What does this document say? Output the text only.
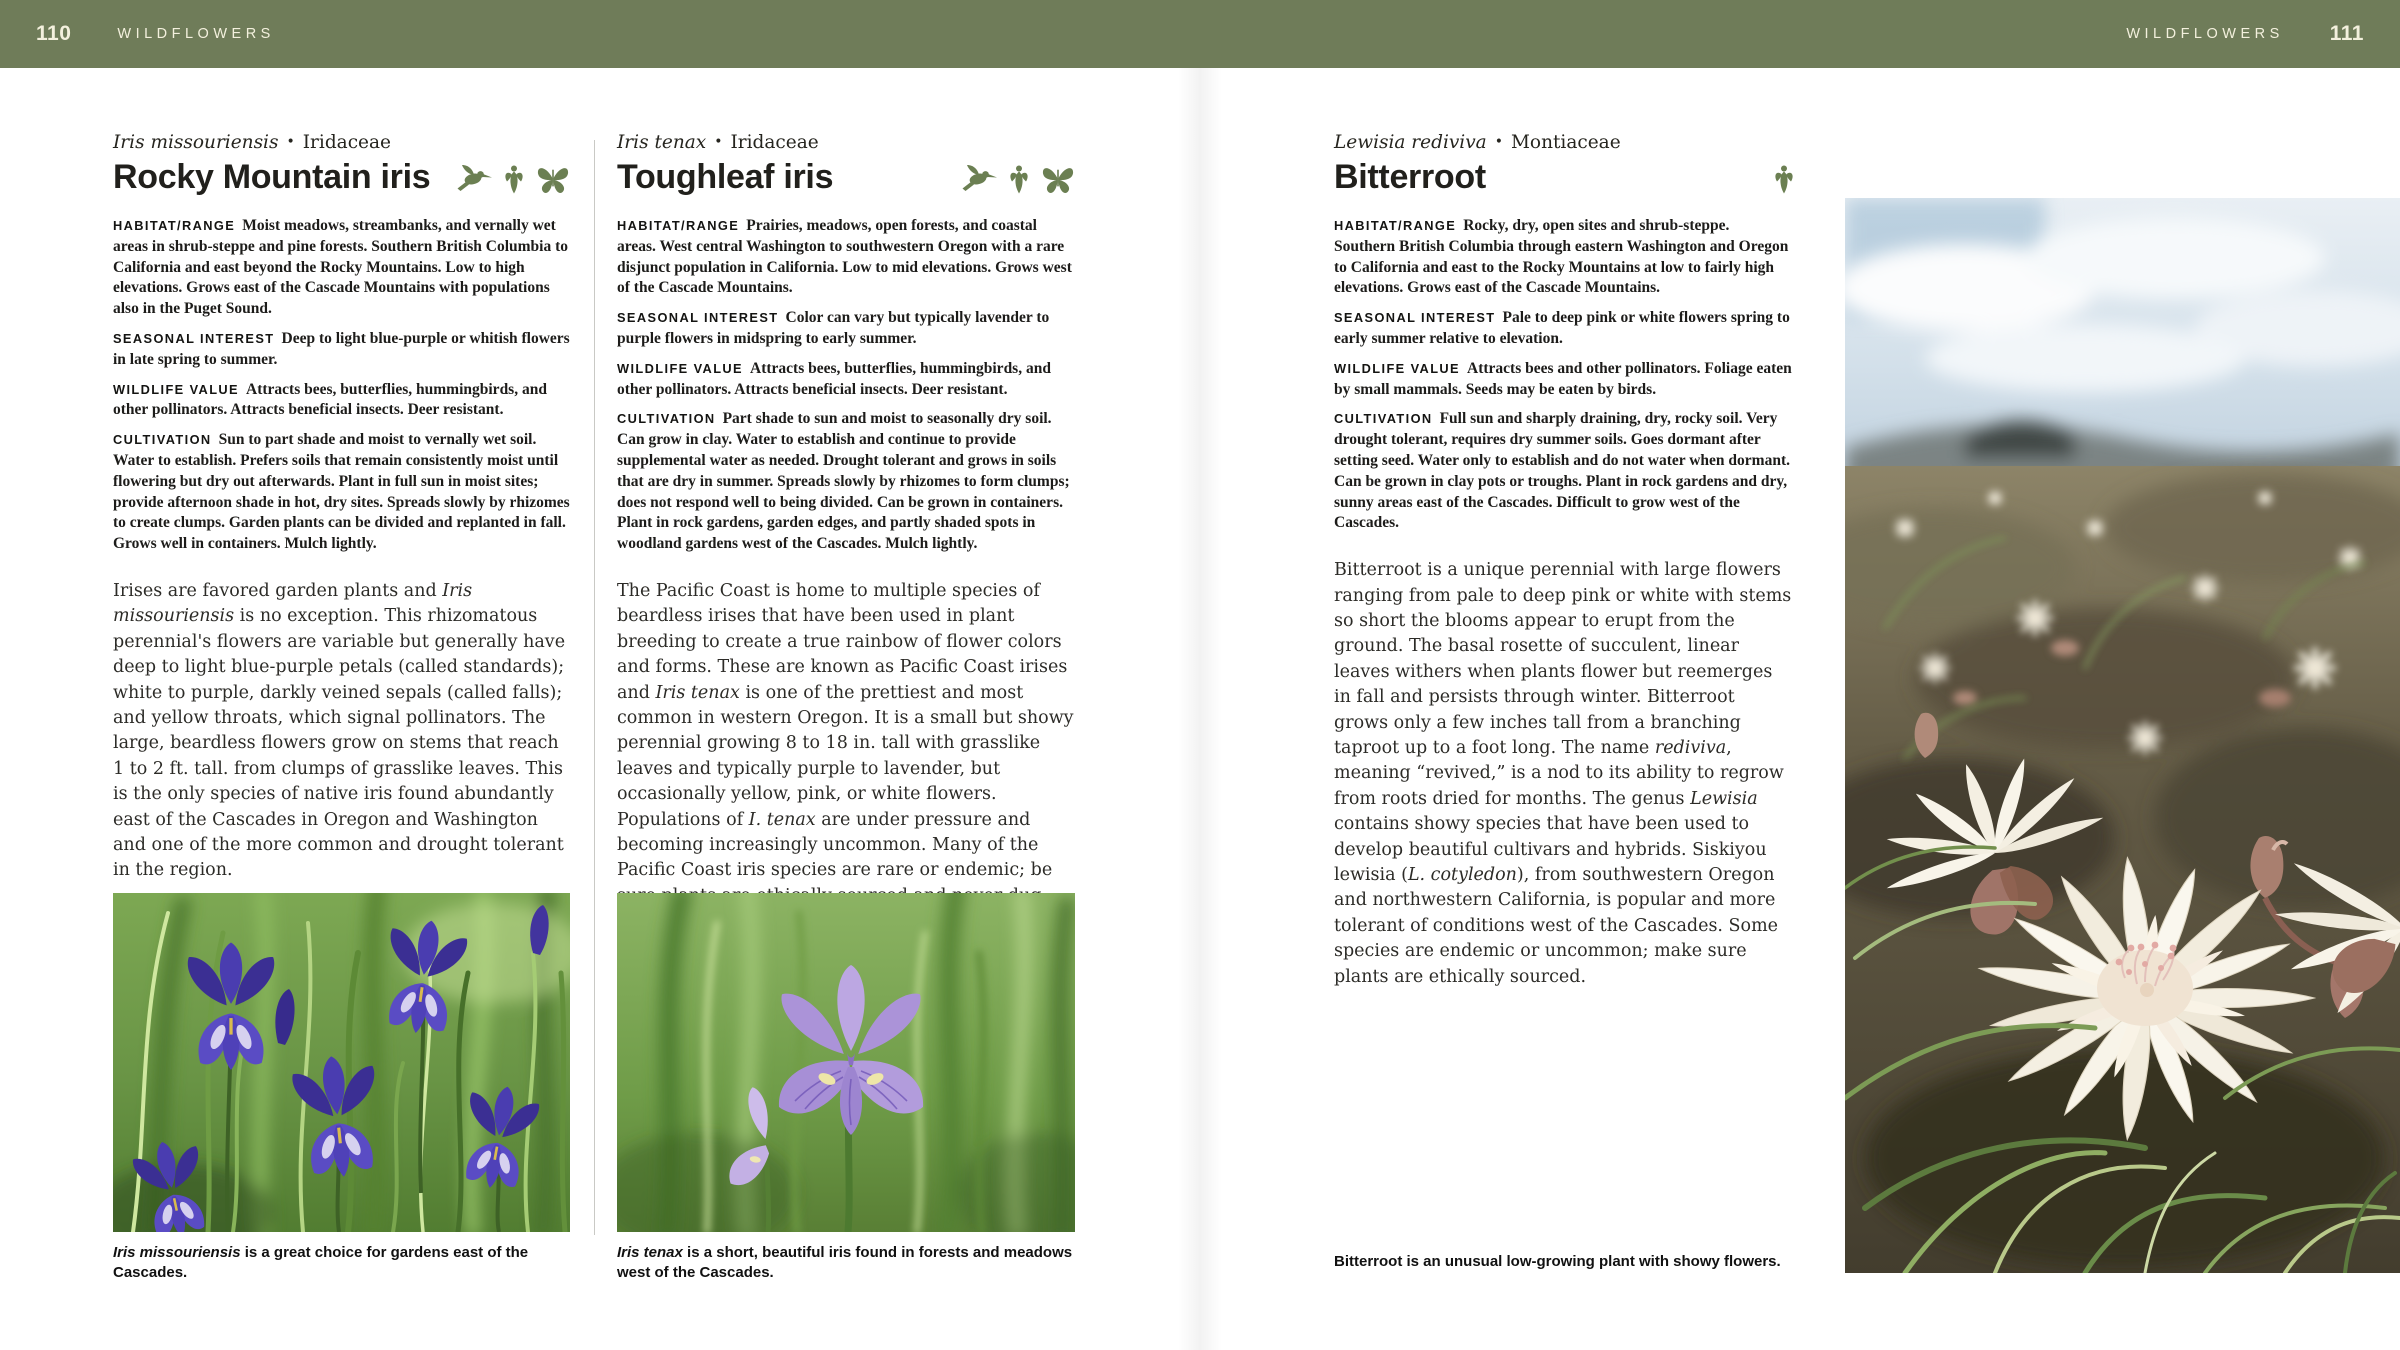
110	WILDFLOWERS	WILDFLOWERS 111

Iris missouriensis • Iridaceae

Rocky Mountain iris

HABITAT/RANGE Moist meadows, streambanks, and vernally wet areas in shrub-steppe and pine forests. Southern British Columbia to California and east beyond the Rocky Mountains. Low to high elevations. Grows east of the Cascade Mountains with populations also in the Puget Sound.

SEASONAL INTEREST Deep to light blue-purple or whitish flowers in late spring to summer.

WILDLIFE VALUE Attracts bees, butterflies, hummingbirds, and other pollinators. Attracts beneficial insects. Deer resistant.

CULTIVATION Sun to part shade and moist to vernally wet soil. Water to establish. Prefers soils that remain consistently moist until flowering but dry out afterwards. Plant in full sun in moist sites; provide afternoon shade in hot, dry sites. Spreads slowly by rhizomes to create clumps. Garden plants can be divided and replanted in fall. Grows well in containers. Mulch lightly.

Irises are favored garden plants and Iris missouriensis is no exception. This rhizomatous perennial's flowers are variable but generally have deep to light blue-purple petals (called standards); white to purple, darkly veined sepals (called falls); and yellow throats, which signal pollinators. The large, beardless flowers grow on stems that reach 1 to 2 ft. tall. from clumps of grasslike leaves. This is the only species of native iris found abundantly east of the Cascades in Oregon and Washington and one of the more common and drought tolerant in the region.

Iris tenax • Iridaceae

Toughleaf iris

HABITAT/RANGE Prairies, meadows, open forests, and coastal areas. West central Washington to southwestern Oregon with a rare disjunct population in California. Low to mid elevations. Grows west of the Cascade Mountains.

SEASONAL INTEREST Color can vary but typically lavender to purple flowers in midspring to early summer.

WILDLIFE VALUE Attracts bees, butterflies, hummingbirds, and other pollinators. Attracts beneficial insects. Deer resistant.

CULTIVATION Part shade to sun and moist to seasonally dry soil. Can grow in clay. Water to establish and continue to provide supplemental water as needed. Drought tolerant and grows in soils that are dry in summer. Spreads slowly by rhizomes to form clumps; does not respond well to being divided. Can be grown in containers. Plant in rock gardens, garden edges, and partly shaded spots in woodland gardens west of the Cascades. Mulch lightly.

The Pacific Coast is home to multiple species of beardless irises that have been used in plant breeding to create a true rainbow of flower colors and forms. These are known as Pacific Coast irises and Iris tenax is one of the prettiest and most common in western Oregon. It is a small but showy perennial growing 8 to 18 in. tall with grasslike leaves and typically purple to lavender, but occasionally yellow, pink, or white flowers. Populations of I. tenax are under pressure and becoming increasingly uncommon. Many of the Pacific Coast iris species are rare or endemic; be

Lewisia rediviva • Montiaceae

Bitterroot

HABITAT/RANGE Rocky, dry, open sites and shrub-steppe. Southern British Columbia through eastern Washington and Oregon to California and east to the Rocky Mountains at low to fairly high elevations. Grows east of the Cascade Mountains.

SEASONAL INTEREST Pale to deep pink or white flowers spring to early summer relative to elevation.

WILDLIFE VALUE Attracts bees and other pollinators. Foliage eaten by small mammals. Seeds may be eaten by birds.

CULTIVATION Full sun and sharply draining, dry, rocky soil. Very drought tolerant, requires dry summer soils. Goes dormant after setting seed. Water only to establish and do not water when dormant. Can be grown in clay pots or troughs. Plant in rock gardens and dry, sunny areas east of the Cascades. Difficult to grow west of the Cascades.

Bitterroot is a unique perennial with large flowers ranging from pale to deep pink or white with stems so short the blooms appear to erupt from the ground. The basal rosette of succulent, linear leaves withers when plants flower but reemerges in fall and persists through winter. Bitterroot grows only a few inches tall from a branching taproot up to a foot long. The name rediviva, meaning “revived,” is a nod to its ability to regrow from roots dried for months. The genus Lewisia contains showy species that have been used to develop beautiful cultivars and hybrids. Siskiyou lewisia (L. cotyledon), from southwestern Oregon and northwestern California, is popular and more tolerant of conditions west of the Cascades. Some species are endemic or uncommon; make sure plants are ethically sourced.
Iris missouriensis is a great choice for gardens east of the Cascades.
Iris tenax is a short, beautiful iris found in forests and meadows west of the Cascades.
Bitterroot is an unusual low-growing plant with showy flowers.
